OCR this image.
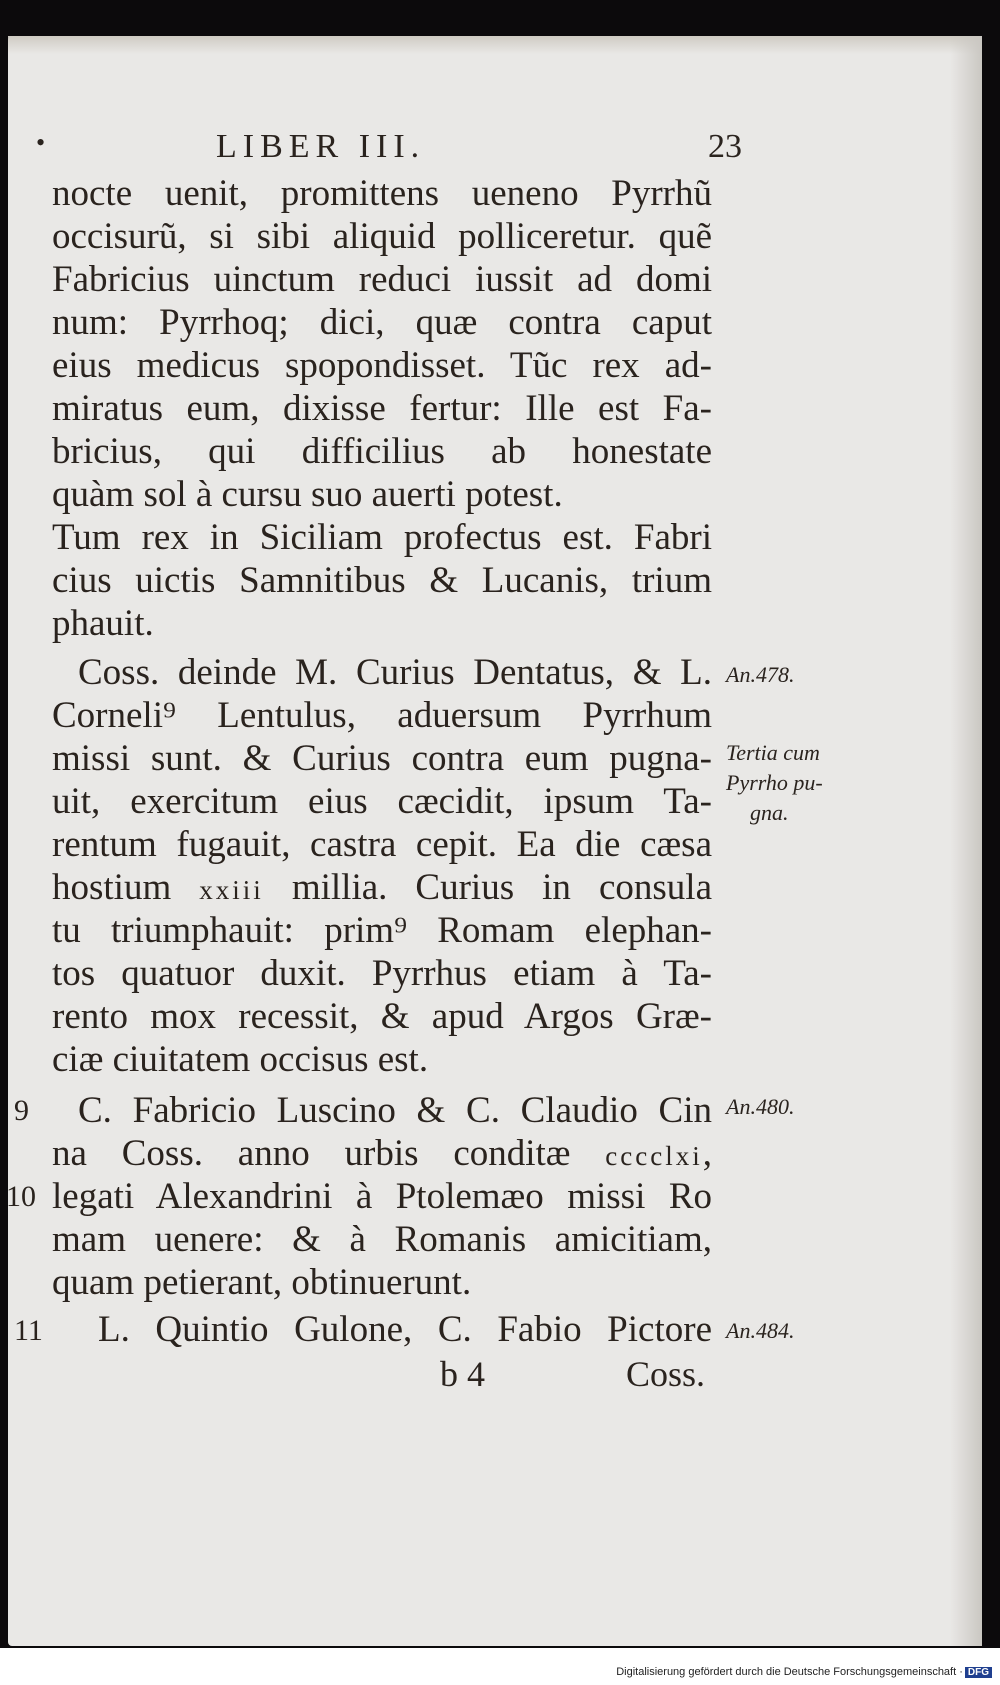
•	LIBER III.	23
nocte uenit, promittens ueneno Pyrrhũ
occisurũ, si sibi aliquid polliceretur. quẽ
Fabricius uinctum reduci iussit ad domi
num: Pyrrhoq; dici, quæ contra caput
eius medicus spopondisset. Tũc rex ad-
miratus eum, dixisse fertur: Ille est Fa-
bricius, qui difficilius ab honestate
quàm sol à cursu suo auerti potest.
Tum rex in Siciliam profectus est. Fabri
cius uictis Samnitibus & Lucanis, trium
phauit.
Coss. deinde M. Curius Dentatus, & L.
Corneli⁹ Lentulus, aduersum Pyrrhum
missi sunt. & Curius contra eum pugna-
uit, exercitum eius cæcidit, ipsum Ta-
rentum fugauit, castra cepit. Ea die cæsa
hostium xxiii millia. Curius in consula
tu triumphauit: prim⁹ Romam elephan-
tos quatuor duxit. Pyrrhus etiam à Ta-
rento mox recessit, & apud Argos Græ-
ciæ ciuitatem occisus est.
C. Fabricio Luscino & C. Claudio Cin
na Coss. anno urbis conditæ cccclxi,
legati Alexandrini à Ptolemæo missi Ro
mam uenere: & à Romanis amicitiam,
quam petierant, obtinuerunt.
L. Quintio Gulone, C. Fabio Pictore
b 4	Coss.
9
10
11
An.478.
Tertia cum
Pyrrho pu-
gna.
An.480.
An.484.
Digitalisierung gefördert durch die Deutsche Forschungsgemeinschaft · DFG
